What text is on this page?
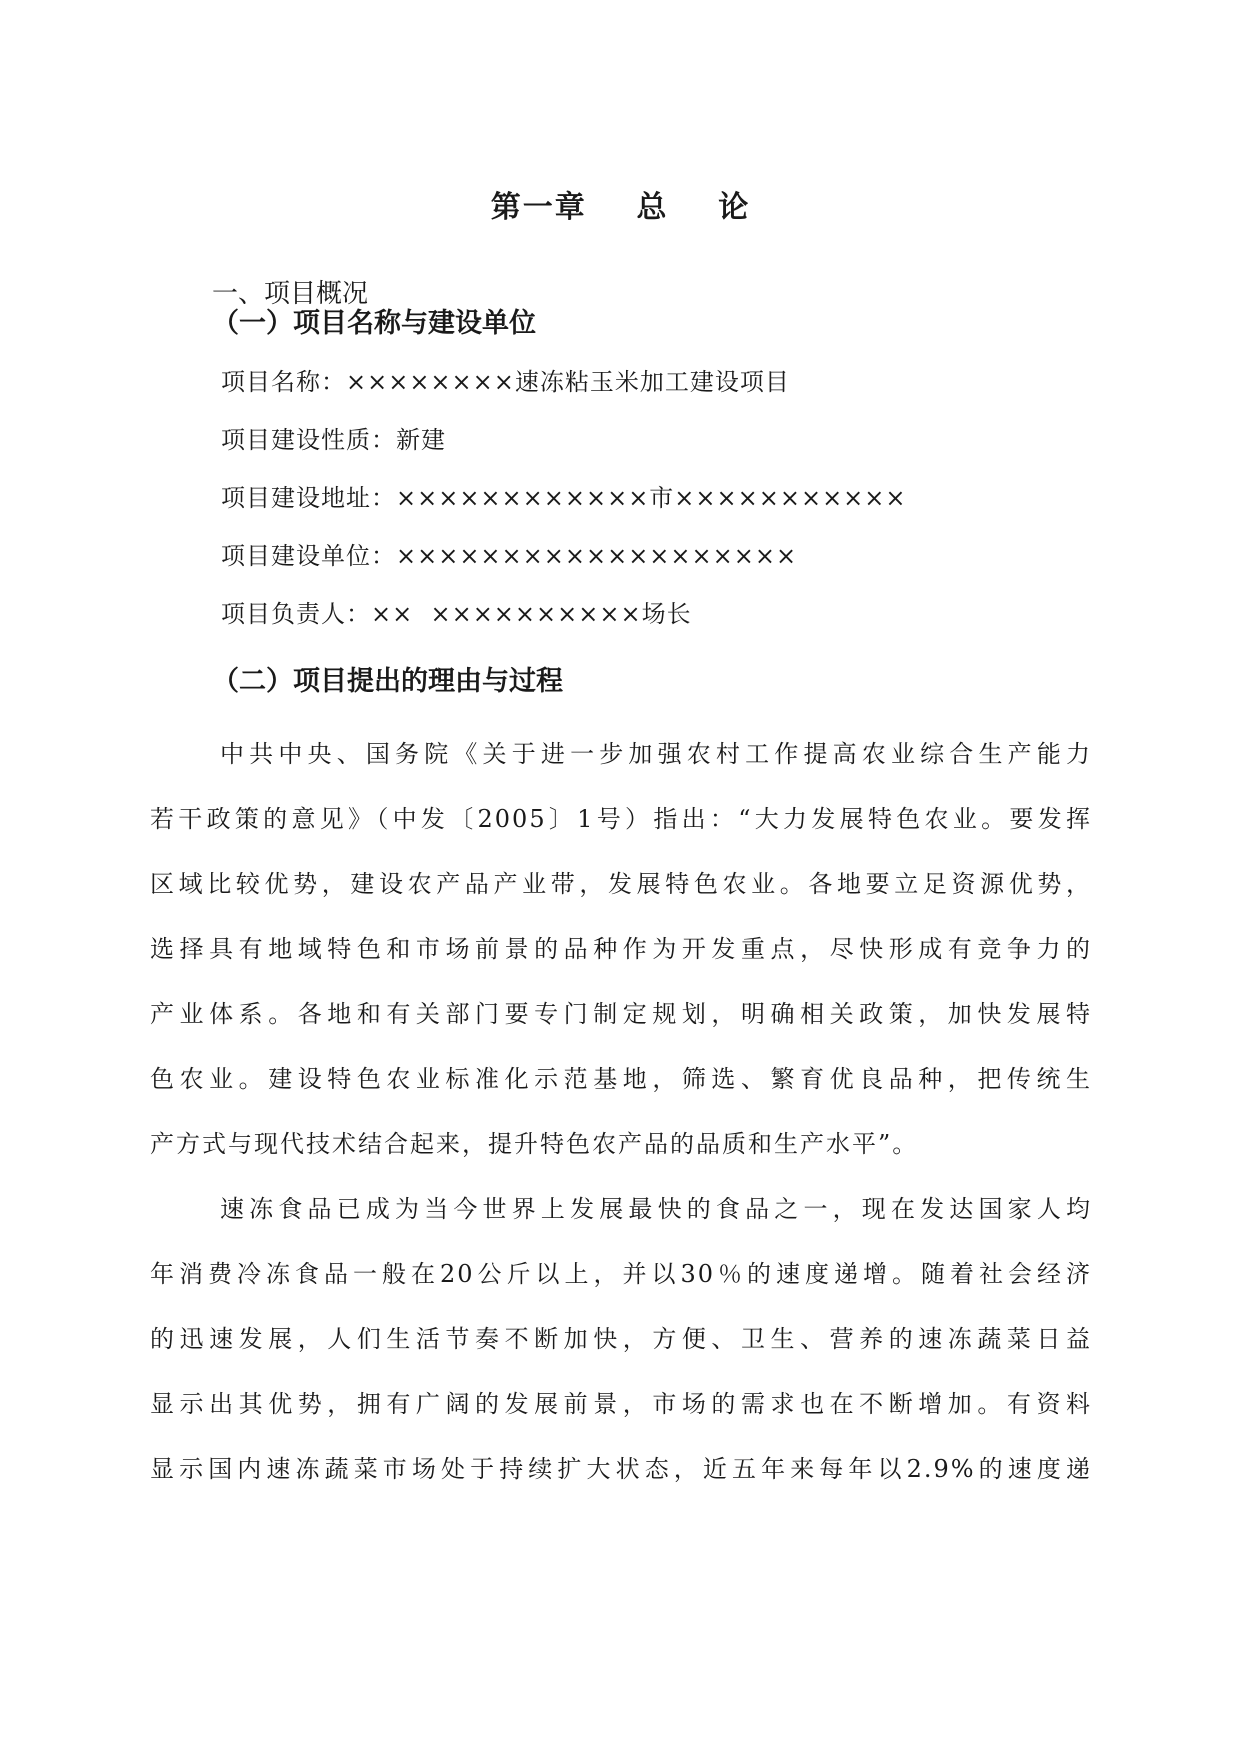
第一章    总    论
一、项目概况
（一）项目名称与建设单位
项目名称：××××××××速冻粘玉米加工建设项目
项目建设性质：新建
项目建设地址：××××××××××××市×××××××××××
项目建设单位：×××××××××××××××××××
项目负责人：××  ××××××××××场长
（二）项目提出的理由与过程
中共中央、国务院《关于进一步加强农村工作提高农业综合生产能力
若干政策的意见》（中发〔2005〕1号）指出：“大力发展特色农业。要发挥
区域比较优势，建设农产品产业带，发展特色农业。各地要立足资源优势，
选择具有地域特色和市场前景的品种作为开发重点，尽快形成有竞争力的
产业体系。各地和有关部门要专门制定规划，明确相关政策，加快发展特
色农业。建设特色农业标准化示范基地，筛选、繁育优良品种，把传统生
产方式与现代技术结合起来，提升特色农产品的品质和生产水平”。
速冻食品已成为当今世界上发展最快的食品之一，现在发达国家人均
年消费冷冻食品一般在20公斤以上，并以30％的速度递增。随着社会经济
的迅速发展，人们生活节奏不断加快，方便、卫生、营养的速冻蔬菜日益
显示出其优势，拥有广阔的发展前景，市场的需求也在不断增加。有资料
显示国内速冻蔬菜市场处于持续扩大状态，近五年来每年以2.9%的速度递
